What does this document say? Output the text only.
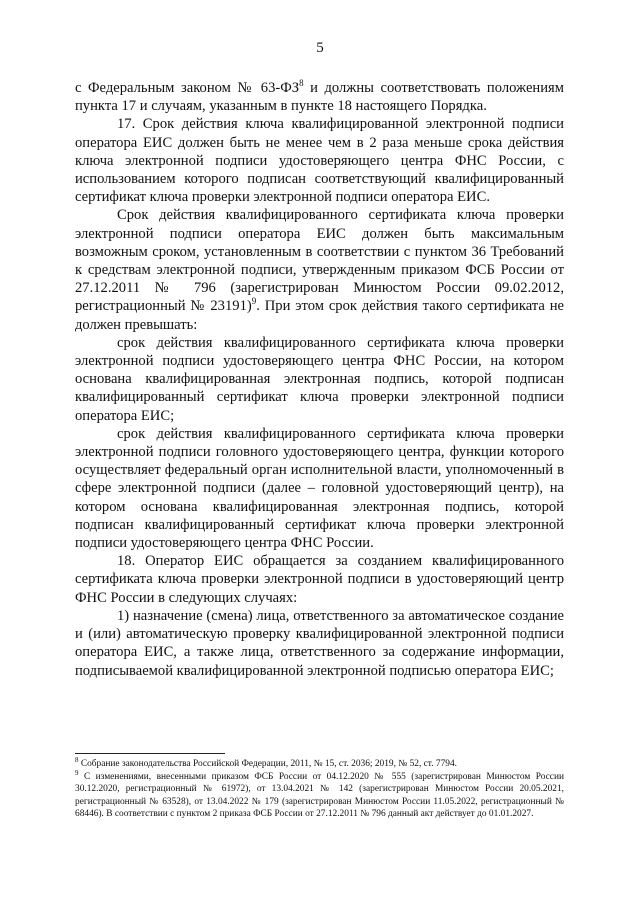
5

с Федеральным законом № $63-ФЗ^8$ и должны соответствовать положениям пункта 17 и случаям, указанным в пункте 18 настоящего Порядка.

17. Срок действия ключа квалифицированной электронной подписи оператора ЕИС должен быть не менее чем в 2 раза меньше срока действия ключа электронной подписи удостоверяющего центра ФНС России, с использованием которого подписан соответствующий квалифицированный сертификат ключа проверки электронной подписи оператора ЕИС.

Срок действия квалифицированного сертификата ключа проверки электронной подписи оператора ЕИС должен быть максимальным возможным сроком, установленным в соответствии с пунктом 36 Требований к средствам электронной подписи, утвержденным приказом ФСБ России от 27.12.2011 № 796 (зарегистрирован Минюстом России 09.02.2012, регистрационный № 23191)$^9$. При этом срок действия такого сертификата не должен превышать:

срок действия квалифицированного сертификата ключа проверки электронной подписи удостоверяющего центра ФНС России, на котором основана квалифицированная электронная подпись, которой подписан квалифицированный сертификат ключа проверки электронной подписи оператора ЕИС;

срок действия квалифицированного сертификата ключа проверки электронной подписи головного удостоверяющего центра, функции которого осуществляет федеральный орган исполнительной власти, уполномоченный в сфере электронной подписи (далее – головной удостоверяющий центр), на котором основана квалифицированная электронная подпись, которой подписан квалифицированный сертификат ключа проверки электронной подписи удостоверяющего центра ФНС России.

18. Оператор ЕИС обращается за созданием квалифицированного сертификата ключа проверки электронной подписи в удостоверяющий центр ФНС России в следующих случаях:

1) назначение (смена) лица, ответственного за автоматическое создание и (или) автоматическую проверку квалифицированной электронной подписи оператора ЕИС, а также лица, ответственного за содержание информации, подписываемой квалифицированной электронной подписью оператора ЕИС;

$^8$ Собрание законодательства Российской Федерации, 2011, № 15, ст. 2036; 2019, № 52, ст. 7794.

$^9$ С изменениями, внесенными приказом ФСБ России от 04.12.2020 № 555 (зарегистрирован Минюстом России 30.12.2020, регистрационный № 61972), от 13.04.2021 № 142 (зарегистрирован Минюстом России 20.05.2021, регистрационный № 63528), от 13.04.2022 № 179 (зарегистрирован Минюстом России 11.05.2022, регистрационный № 68446). В соответствии с пунктом 2 приказа ФСБ России от 27.12.2011 № 796 данный акт действует до 01.01.2027.
